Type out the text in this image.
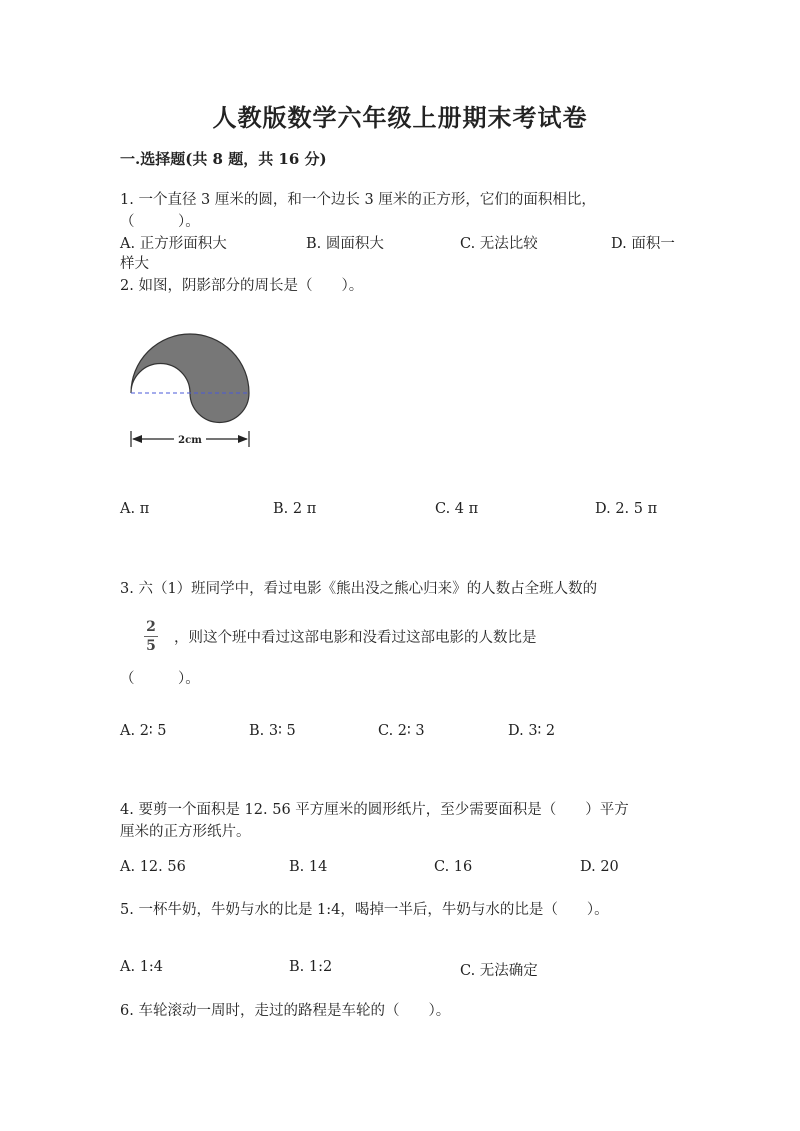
人教版数学六年级上册期末考试卷
一.选择题(共 8 题，共 16 分)
1. 一个直径 3 厘米的圆，和一个边长 3 厘米的正方形，它们的面积相比，
（　　　）。
A. 正方形面积大	B. 圆面积大	C. 无法比较	D. 面积一
样大
2. 如图，阴影部分的周长是（　　）。
2cm
A. π	B. 2 π	C. 4 π	D. 2. 5 π
3. 六（1）班同学中，看过电影《熊出没之熊心归来》的人数占全班人数的
2
5 ，则这个班中看过这部电影和没看过这部电影的人数比是
（　　　）。
A. 2∶ 5	B. 3∶ 5	C. 2∶ 3	D. 3∶ 2
4. 要剪一个面积是 12. 56 平方厘米的圆形纸片，至少需要面积是（　　）平方
厘米的正方形纸片。
A. 12. 56	B. 14	C. 16	D. 20
5. 一杯牛奶，牛奶与水的比是 1:4，喝掉一半后，牛奶与水的比是（　　）。
A. 1:4	B. 1:2	C. 无法确定
6. 车轮滚动一周时，走过的路程是车轮的（　　）。
